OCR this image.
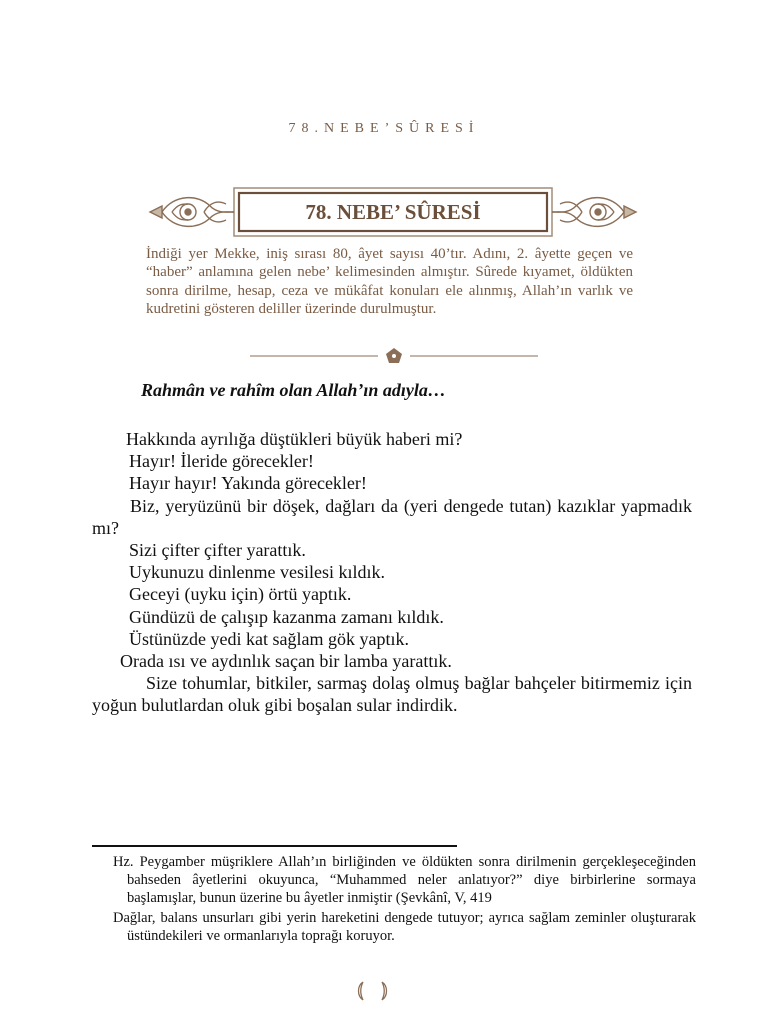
78.NEBE’SÛRESİ
78. NEBE’ SÛRESİ
İndiği yer Mekke, iniş sırası 80, âyet sayısı 40’tır. Adını, 2. âyette geçen ve “haber” anlamına gelen nebe’ kelimesinden almıştır. Sûrede kıyamet, öldükten sonra dirilme, hesap, ceza ve mükâfat konuları ele alınmış, Allah’ın varlık ve kudretini gösteren deliller üzerinde durulmuştur.
Rahmân ve rahîm olan Allah’ın adıyla…

Hakkında ayrılığa düştükleri büyük haberi mi?

Hayır! İleride görecekler!

Hayır hayır! Yakında görecekler!

Biz, yeryüzünü bir döşek, dağları da (yeri dengede tutan) kazıklar yapmadık mı?

Sizi çifter çifter yarattık.

Uykunuzu dinlenme vesilesi kıldık.

Geceyi (uyku için) örtü yaptık.

Gündüzü de çalışıp kazanma zamanı kıldık.

Üstünüzde yedi kat sağlam gök yaptık.

Orada ısı ve aydınlık saçan bir lamba yarattık.

Size tohumlar, bitkiler, sarmaş dolaş olmuş bağlar bahçeler bitirmemiz için yoğun bulutlardan oluk gibi boşalan sular indirdik.

Hz. Peygamber müşriklere Allah’ın birliğinden ve öldükten sonra dirilmenin gerçekleşeceğinden bahseden âyetlerini okuyunca, “Muhammed neler anlatıyor?” diye birbirlerine sormaya başlamışlar, bunun üzerine bu âyetler inmiştir (Şevkânî, V, 419

Dağlar, balans unsurları gibi yerin hareketini dengede tutuyor; ayrıca sağlam zeminler oluşturarak üstündekileri ve ormanlarıyla toprağı koruyor.
